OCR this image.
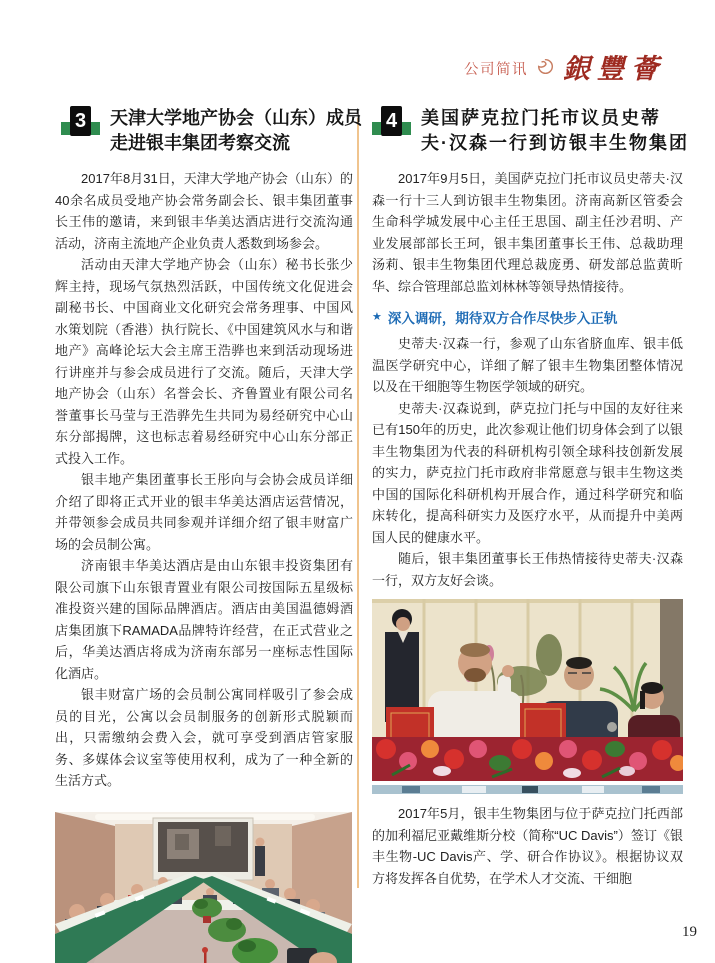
公司简讯 銀豐薈
3 天津大学地产协会（山东）成员
走进银丰集团考察交流

2017年8月31日，天津大学地产协会（山东）的40余名成员受地产协会常务副会长、银丰集团董事长王伟的邀请，来到银丰华美达酒店进行交流沟通活动，济南主流地产企业负责人悉数到场参会。

活动由天津大学地产协会（山东）秘书长张少辉主持，现场气氛热烈活跃，中国传统文化促进会副秘书长、中国商业文化研究会常务理事、中国风水策划院（香港）执行院长、《中国建筑风水与和谐地产》高峰论坛大会主席王浩骅也来到活动现场进行讲座并与参会成员进行了交流。随后，天津大学地产协会（山东）名誉会长、齐鲁置业有限公司名誉董事长马莹与王浩骅先生共同为易经研究中心山东分部揭牌，这也标志着易经研究中心山东分部正式投入工作。

银丰地产集团董事长王彤向与会协会成员详细介绍了即将正式开业的银丰华美达酒店运营情况，并带领参会成员共同参观并详细介绍了银丰财富广场的会员制公寓。

济南银丰华美达酒店是由山东银丰投资集团有限公司旗下山东银青置业有限公司按国际五星级标准投资兴建的国际品牌酒店。酒店由美国温德姆酒店集团旗下RAMADA品牌特许经营，在正式营业之后，华美达酒店将成为济南东部另一座标志性国际化酒店。

银丰财富广场的会员制公寓同样吸引了参会成员的目光，公寓以会员制服务的创新形式脱颖而出，只需缴纳会费入会，就可享受到酒店管家服务、多媒体会议室等使用权利，成为了一种全新的生活方式。

4 美国萨克拉门托市议员史蒂
夫·汉森一行到访银丰生物集团

2017年9月5日，美国萨克拉门托市议员史蒂夫·汉森一行十三人到访银丰生物集团。济南高新区管委会生命科学城发展中心主任王思国、副主任沙君明、产业发展部部长王珂，银丰集团董事长王伟、总裁助理汤莉、银丰生物集团代理总裁庞勇、研发部总监黄昕华、综合管理部总监刘林林等领导热情接待。

★ 深入调研，期待双方合作尽快步入正轨

史蒂夫·汉森一行，参观了山东省脐血库、银丰低温医学研究中心，详细了解了银丰生物集团整体情况以及在干细胞等生物医学领域的研究。

史蒂夫·汉森说到，萨克拉门托与中国的友好往来已有150年的历史，此次参观让他们切身体会到了以银丰生物集团为代表的科研机构引领全球科技创新发展的实力，萨克拉门托市政府非常愿意与银丰生物这类中国的国际化科研机构开展合作，通过科学研究和临床转化，提高科研实力及医疗水平，从而提升中美两国人民的健康水平。

随后，银丰集团董事长王伟热情接待史蒂夫·汉森一行，双方友好会谈。

2017年5月，银丰生物集团与位于萨克拉门托西部的加利福尼亚戴维斯分校（简称“UC Davis”）签订《银丰生物-UC Davis产、学、研合作协议》。根据协议双方将发挥各自优势，在学术人才交流、干细胞

19
